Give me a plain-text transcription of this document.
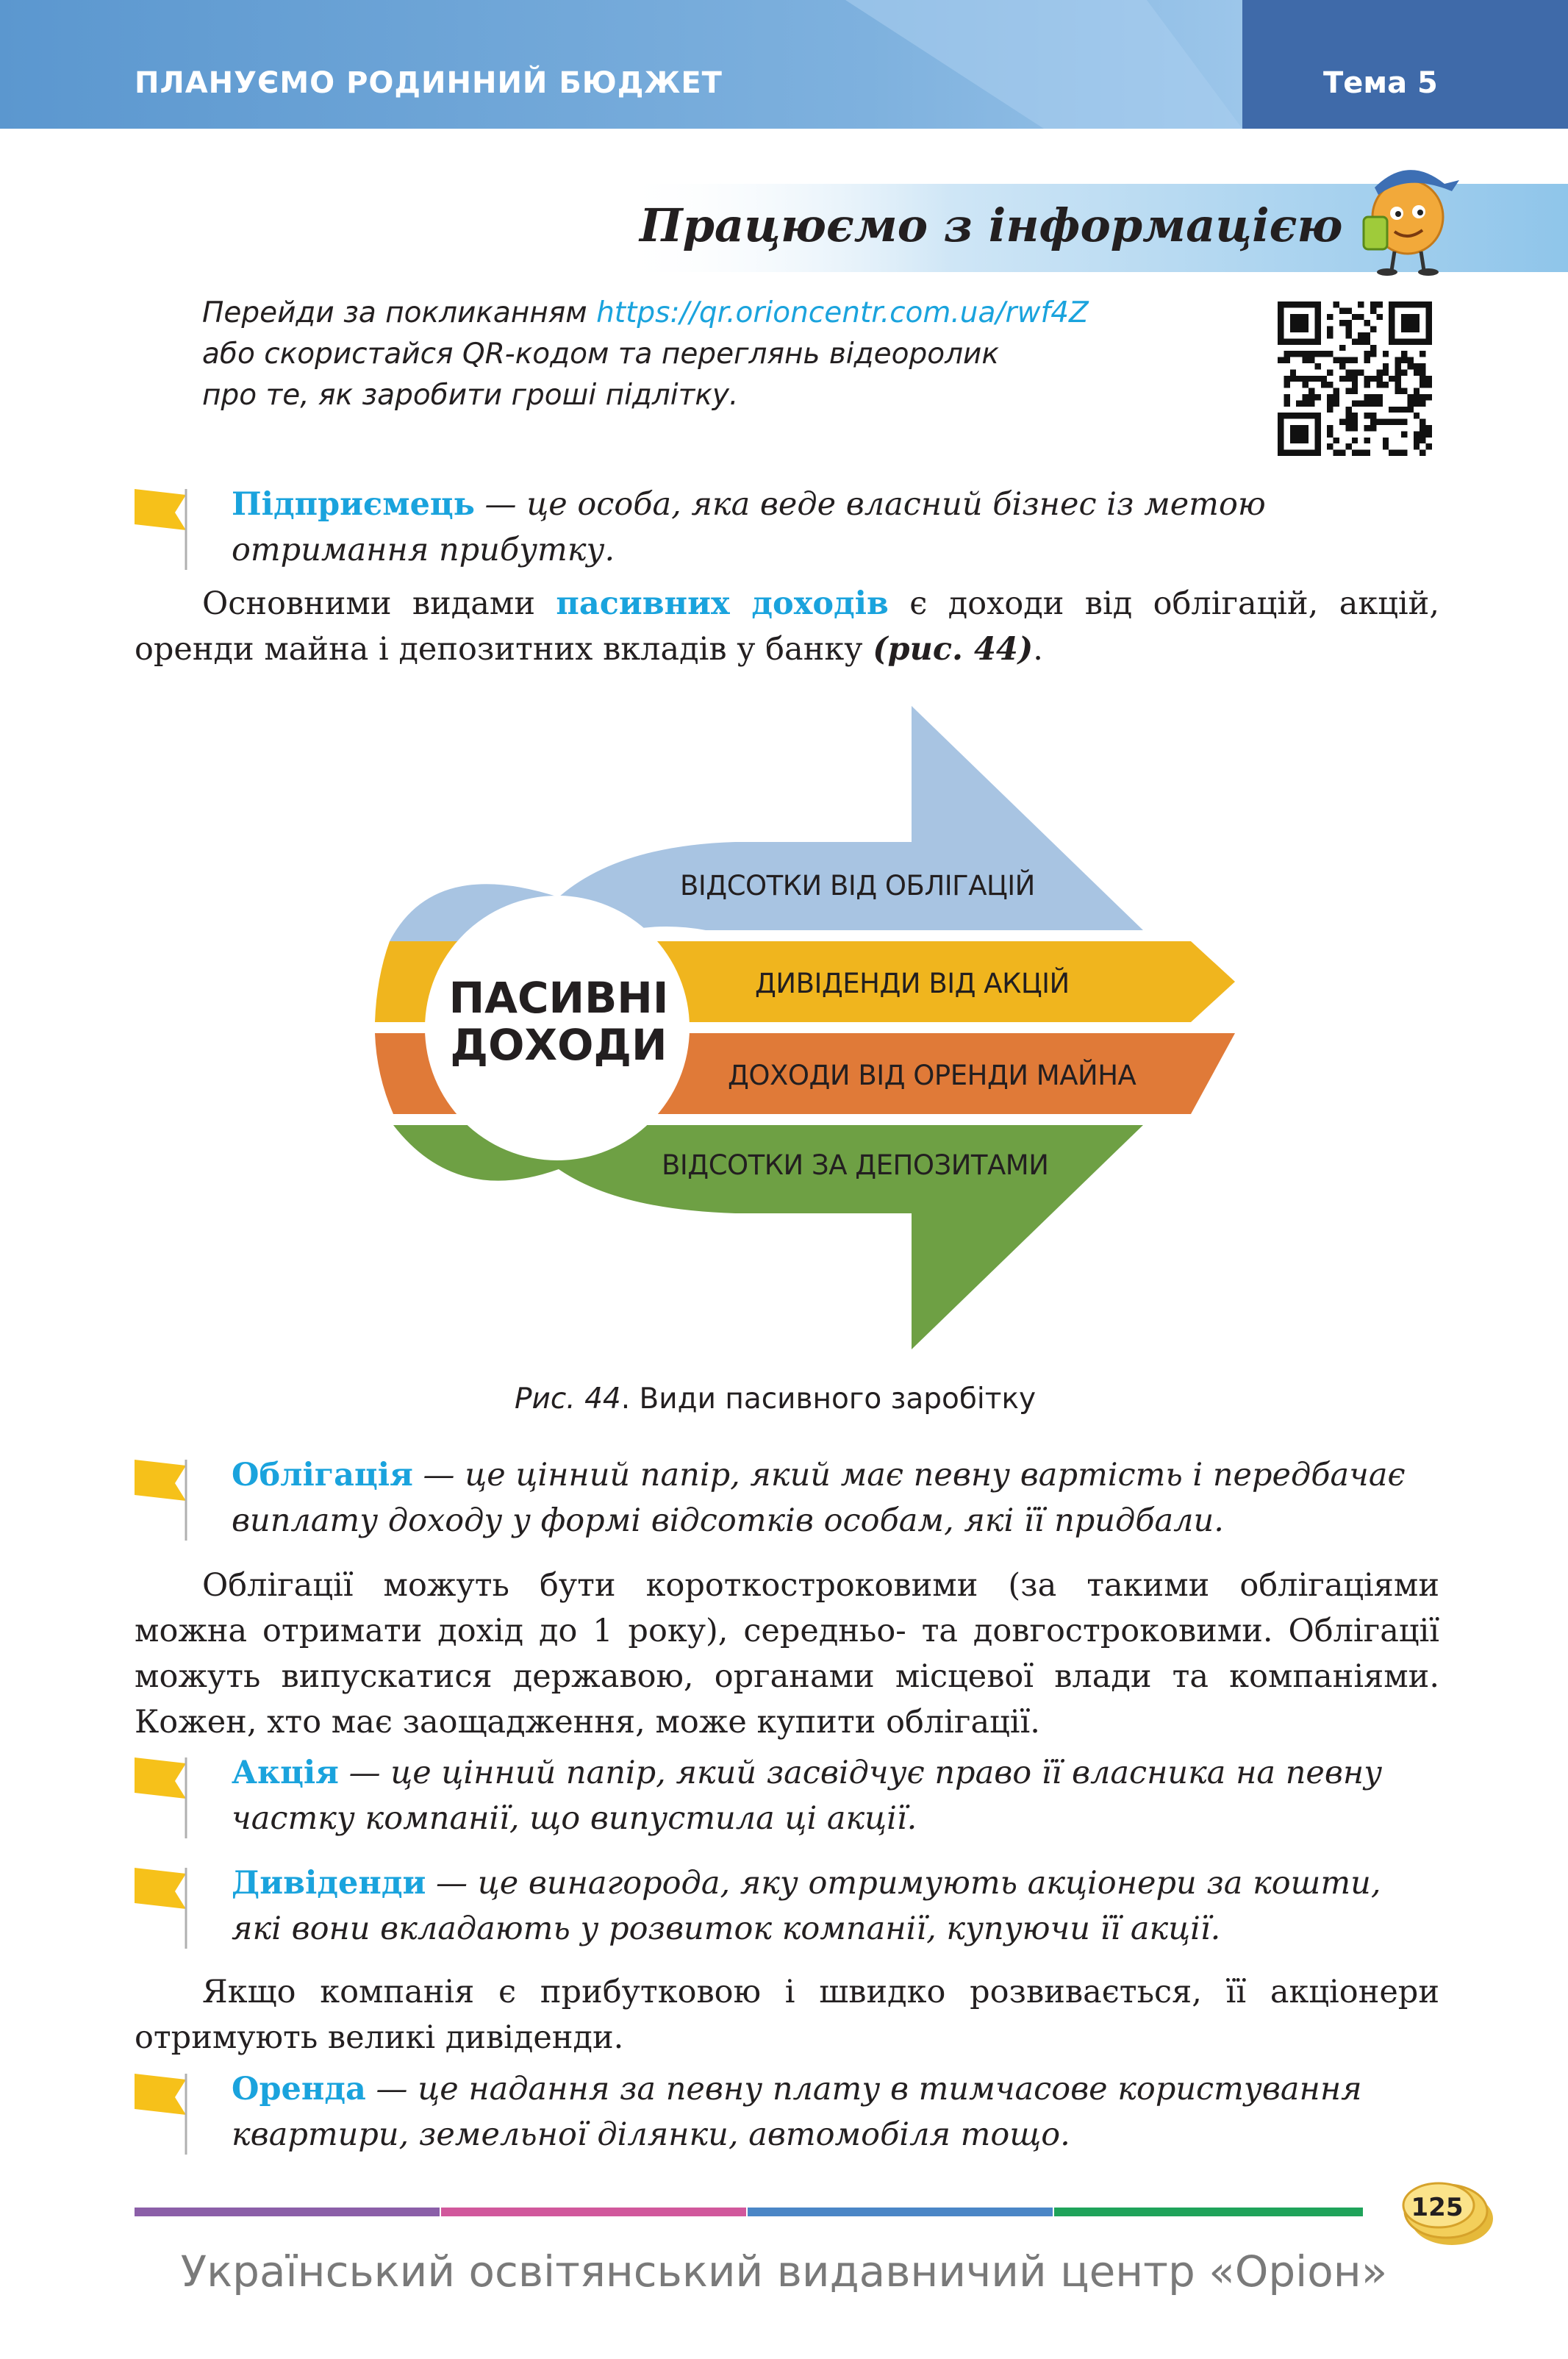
ПЛАНУЄМО РОДИННИЙ БЮДЖЕТ	Тема 5
Працюємо з інформацією
Перейди за покликанням https://qr.orioncentr.com.ua/rwf4Z
або скористайся QR-кодом та переглянь відеоролик
про те, як заробити гроші підлітку.
Підприємець — це особа, яка веде власний бізнес із метою отримання прибутку.
Основними видами пасивних доходів є доходи від облігацій, акцій, оренди майна і депозитних вкладів у банку (рис. 44).
ПАСИВНІ
ДОХОДИ
ВІДСОТКИ ВІД ОБЛІГАЦІЙ
ДИВІДЕНДИ ВІД АКЦІЙ
ДОХОДИ ВІД ОРЕНДИ МАЙНА
ВІДСОТКИ ЗА ДЕПОЗИТАМИ
Рис. 44. Види пасивного заробітку
Облігація — це цінний папір, який має певну вартість і передбачає виплату доходу у формі відсотків особам, які її придбали.
Облігації можуть бути короткостроковими (за такими облігаціями можна отримати дохід до 1 року), середньо- та довгостроковими. Облігації можуть випускатися державою, органами місцевої влади та компаніями. Кожен, хто має заощадження, може купити облігації.
Акція — це цінний папір, який засвідчує право її власника на певну частку компанії, що випустила ці акції.
Дивіденди — це винагорода, яку отримують акціонери за кошти, які вони вкладають у розвиток компанії, купуючи її акції.
Якщо компанія є прибутковою і швидко розвивається, її акціонери отримують великі дивіденди.
Оренда — це надання за певну плату в тимчасове користування квартири, земельної ділянки, автомобіля тощо.
125
Український освітянський видавничий центр «Оріон»
